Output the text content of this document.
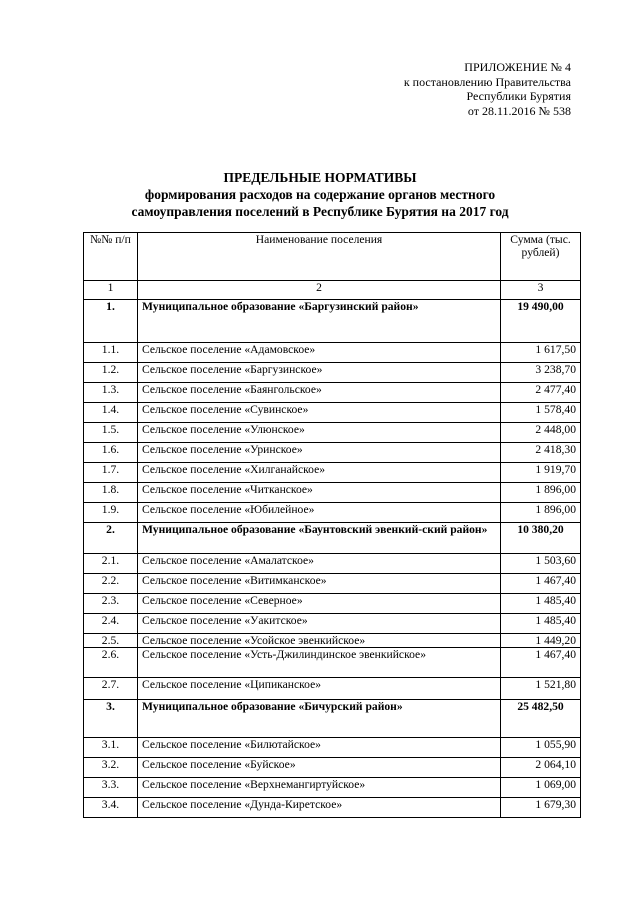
ПРИЛОЖЕНИЕ № 4
к постановлению Правительства
Республики Бурятия
от 28.11.2016 № 538
ПРЕДЕЛЬНЫЕ НОРМАТИВЫ
формирования расходов на содержание органов местного
самоуправления поселений в Республике Бурятия на 2017 год
№№ п/п	Наименование поселения	Сумма (тыс. рублей)
1	2	3
1.	Муниципальное образование «Баргузинский район»	19 490,00
1.1.	Сельское поселение «Адамовское»	1 617,50
1.2.	Сельское поселение «Баргузинское»	3 238,70
1.3.	Сельское поселение «Баянгольское»	2 477,40
1.4.	Сельское поселение «Сувинское»	1 578,40
1.5.	Сельское поселение «Улюнское»	2 448,00
1.6.	Сельское поселение «Уринское»	2 418,30
1.7.	Сельское поселение «Хилганайское»	1 919,70
1.8.	Сельское поселение «Читканское»	1 896,00
1.9.	Сельское поселение «Юбилейное»	1 896,00
2.	Муниципальное образование «Баунтовский эвенкий-ский район»	10 380,20
2.1.	Сельское поселение «Амалатское»	1 503,60
2.2.	Сельское поселение «Витимканское»	1 467,40
2.3.	Сельское поселение «Северное»	1 485,40
2.4.	Сельское поселение «Уакитское»	1 485,40
2.5.	Сельское поселение «Усойское эвенкийское»	1 449,20
2.6.	Сельское поселение «Усть-Джилиндинское эвенкийское»	1 467,40
2.7.	Сельское поселение «Ципиканское»	1 521,80
3.	Муниципальное образование «Бичурский район»	25 482,50
3.1.	Сельское поселение «Билютайское»	1 055,90
3.2.	Сельское поселение «Буйское»	2 064,10
3.3.	Сельское поселение «Верхнемангиртуйское»	1 069,00
3.4.	Сельское поселение «Дунда-Киретское»	1 679,30
